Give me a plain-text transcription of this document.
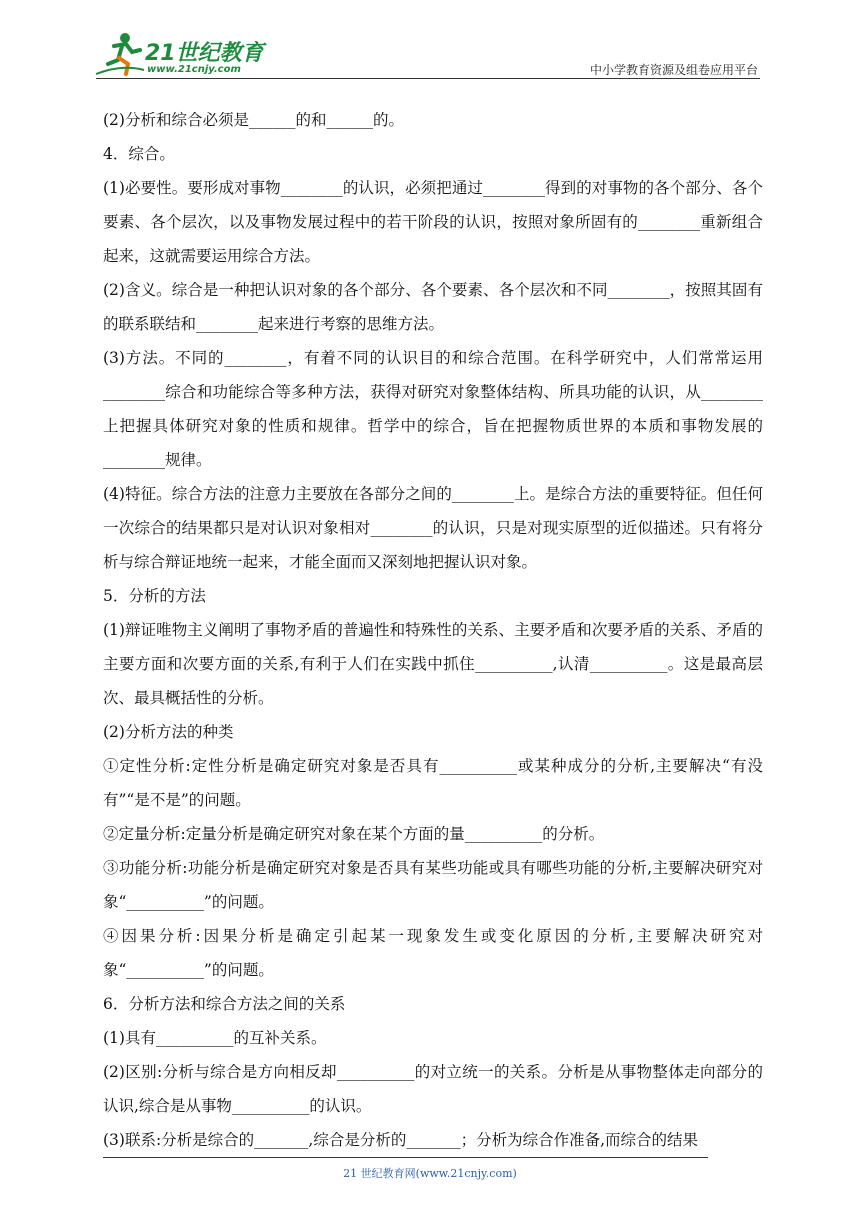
21世纪教育
www.21cnjy.com	中小学教育资源及组卷应用平台

(2)分析和综合必须是______的和______的。

4．综合。

(1)必要性。要形成对事物________的认识，必须把通过________得到的对事物的各个部分、各个要素、各个层次，以及事物发展过程中的若干阶段的认识，按照对象所固有的________重新组合起来，这就需要运用综合方法。

(2)含义。综合是一种把认识对象的各个部分、各个要素、各个层次和不同________，按照其固有的联系联结和________起来进行考察的思维方法。

(3)方法。不同的________，有着不同的认识目的和综合范围。在科学研究中，人们常常运用________综合和功能综合等多种方法，获得对研究对象整体结构、所具功能的认识，从________上把握具体研究对象的性质和规律。哲学中的综合，旨在把握物质世界的本质和事物发展的________规律。

(4)特征。综合方法的注意力主要放在各部分之间的________上。是综合方法的重要特征。但任何一次综合的结果都只是对认识对象相对________的认识，只是对现实原型的近似描述。只有将分析与综合辩证地统一起来，才能全面而又深刻地把握认识对象。

5．分析的方法

(1)辩证唯物主义阐明了事物矛盾的普遍性和特殊性的关系、主要矛盾和次要矛盾的关系、矛盾的主要方面和次要方面的关系,有利于人们在实践中抓住__________,认清__________。这是最高层次、最具概括性的分析。

(2)分析方法的种类

①定性分析:定性分析是确定研究对象是否具有__________或某种成分的分析,主要解决“有没有”“是不是”的问题。

②定量分析:定量分析是确定研究对象在某个方面的量__________的分析。

③功能分析:功能分析是确定研究对象是否具有某些功能或具有哪些功能的分析,主要解决研究对象“__________”的问题。

④因果分析:因果分析是确定引起某一现象发生或变化原因的分析,主要解决研究对象“__________”的问题。

6．分析方法和综合方法之间的关系

(1)具有__________的互补关系。

(2)区别:分析与综合是方向相反却__________的对立统一的关系。分析是从事物整体走向部分的认识,综合是从事物__________的认识。

(3)联系:分析是综合的_______,综合是分析的_______；分析为综合作准备,而综合的结果

21 世纪教育网(www.21cnjy.com)
